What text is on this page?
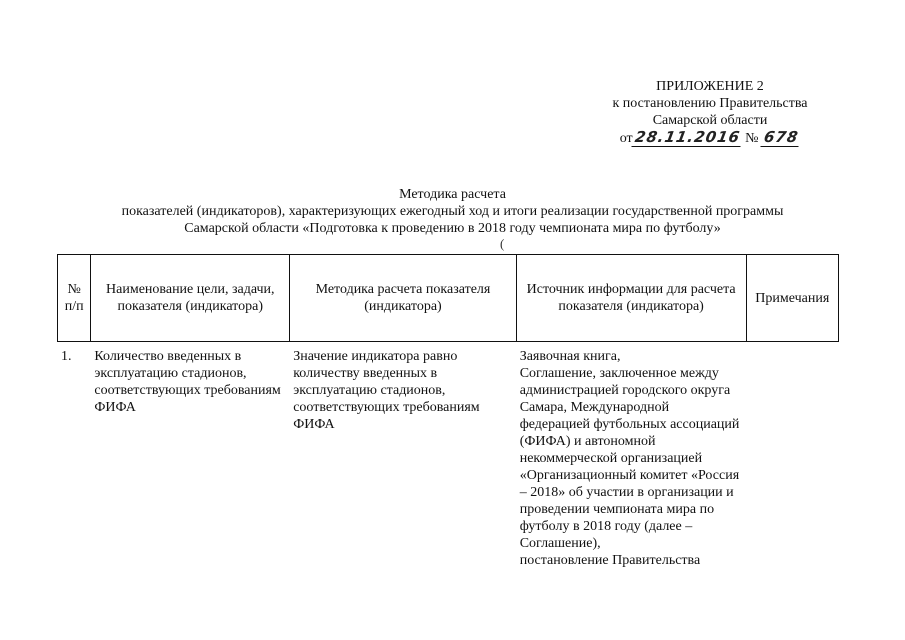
ПРИЛОЖЕНИЕ 2
к постановлению Правительства
Самарской области
от28.11.2016 № 678
Методика расчета
показателей (индикаторов), характеризующих ежегодный ход и итоги реализации государственной программы
Самарской области «Подготовка к проведению в 2018 году чемпионата мира по футболу»
(
№ п/п	Наименование цели, задачи, показателя (индикатора)	Методика расчета показателя (индикатора)	Источник информации для расчета показателя (индикатора)	Примечания
1.	Количество введенных в эксплуатацию стадионов, соответствующих требованиям ФИФА	Значение индикатора равно количеству введенных в эксплуатацию стадионов, соответствующих требованиям ФИФА	Заявочная книга,
Соглашение, заключенное между администрацией городского округа Самара, Международной федерацией футбольных ассоциаций (ФИФА) и автономной некоммерческой организацией «Организационный комитет «Россия – 2018» об участии в организации и проведении чемпионата мира по футболу в 2018 году (далее – Соглашение),
постановление Правительства	
